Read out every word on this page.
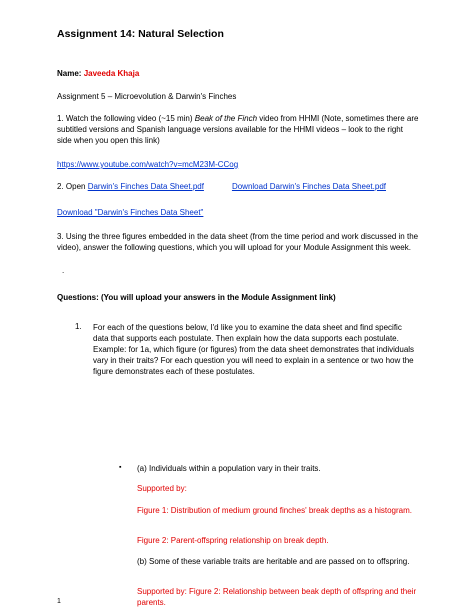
Assignment 14: Natural Selection

Name: Javeeda Khaja

Assignment 5 – Microevolution & Darwin's Finches

1. Watch the following video (~15 min) Beak of the Finch video from HHMI (Note, sometimes there are subtitled versions and Spanish language versions available for the HHMI videos – look to the right side when you open this link)

https://www.youtube.com/watch?v=mcM23M-CCog

2. Open Darwin's Finches Data Sheet.pdf	Download Darwin's Finches Data Sheet.pdf

Download "Darwin's Finches Data Sheet"

3. Using the three figures embedded in the data sheet (from the time period and work discussed in the video), answer the following questions, which you will upload for your Module Assignment this week.

.

Questions: (You will upload your answers in the Module Assignment link)

1. For each of the questions below, I'd like you to examine the data sheet and find specific data that supports each postulate. Then explain how the data supports each postulate. Example: for 1a, which figure (or figures) from the data sheet demonstrates that individuals vary in their traits? For each question you will need to explain in a sentence or two how the figure demonstrates each of these postulates.

▪ (a) Individuals within a population vary in their traits.

Supported by:

Figure 1: Distribution of medium ground finches' break depths as a histogram.

Figure 2: Parent-offspring relationship on break depth.

(b) Some of these variable traits are heritable and are passed on to offspring.

Supported by: Figure 2: Relationship between beak depth of offspring and their parents.

1
